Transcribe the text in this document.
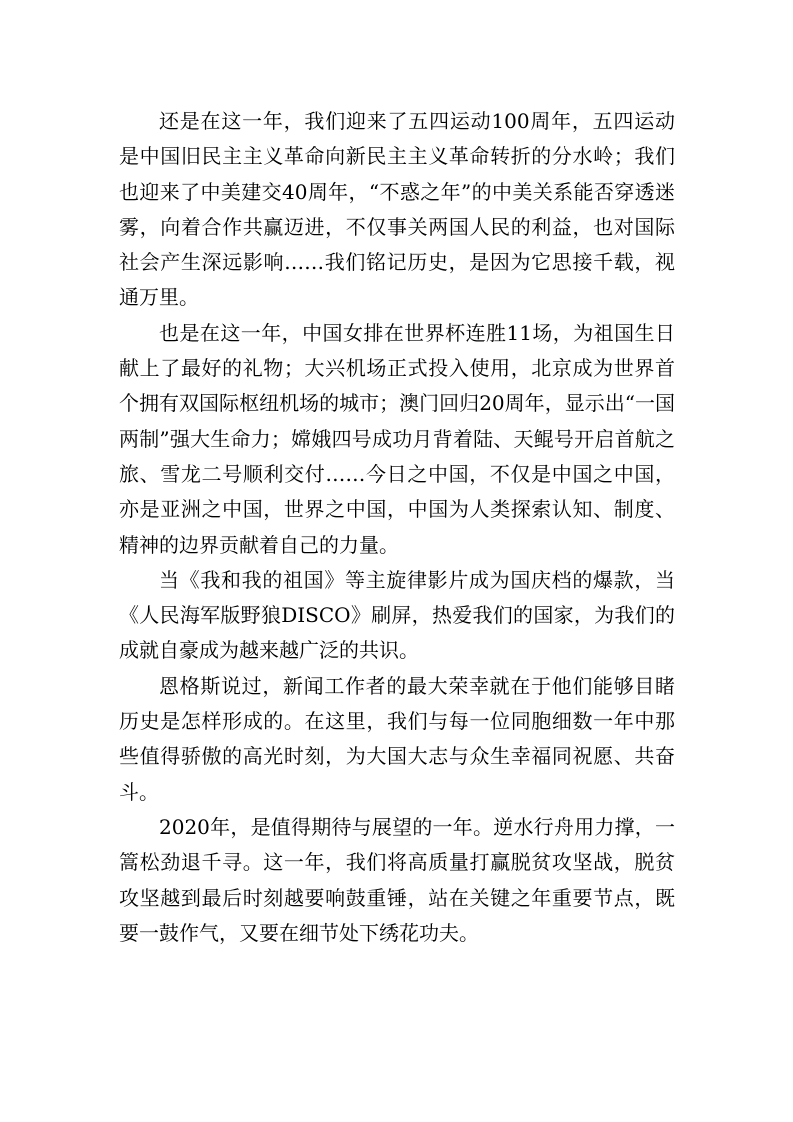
还是在这一年，我们迎来了五四运动100周年，五四运动是中国旧民主主义革命向新民主主义革命转折的分水岭；我们也迎来了中美建交40周年，“不惑之年”的中美关系能否穿透迷雾，向着合作共赢迈进，不仅事关两国人民的利益，也对国际社会产生深远影响……我们铭记历史，是因为它思接千载，视通万里。

也是在这一年，中国女排在世界杯连胜11场，为祖国生日献上了最好的礼物；大兴机场正式投入使用，北京成为世界首个拥有双国际枢纽机场的城市；澳门回归20周年，显示出“一国两制”强大生命力；嫦娥四号成功月背着陆、天鲲号开启首航之旅、雪龙二号顺利交付……今日之中国，不仅是中国之中国，亦是亚洲之中国，世界之中国，中国为人类探索认知、制度、精神的边界贡献着自己的力量。

当《我和我的祖国》等主旋律影片成为国庆档的爆款，当《人民海军版野狼DISCO》刷屏，热爱我们的国家，为我们的成就自豪成为越来越广泛的共识。

恩格斯说过，新闻工作者的最大荣幸就在于他们能够目睹历史是怎样形成的。在这里，我们与每一位同胞细数一年中那些值得骄傲的高光时刻，为大国大志与众生幸福同祝愿、共奋斗。

2020年，是值得期待与展望的一年。逆水行舟用力撑，一篙松劲退千寻。这一年，我们将高质量打赢脱贫攻坚战，脱贫攻坚越到最后时刻越要响鼓重锤，站在关键之年重要节点，既要一鼓作气，又要在细节处下绣花功夫。
